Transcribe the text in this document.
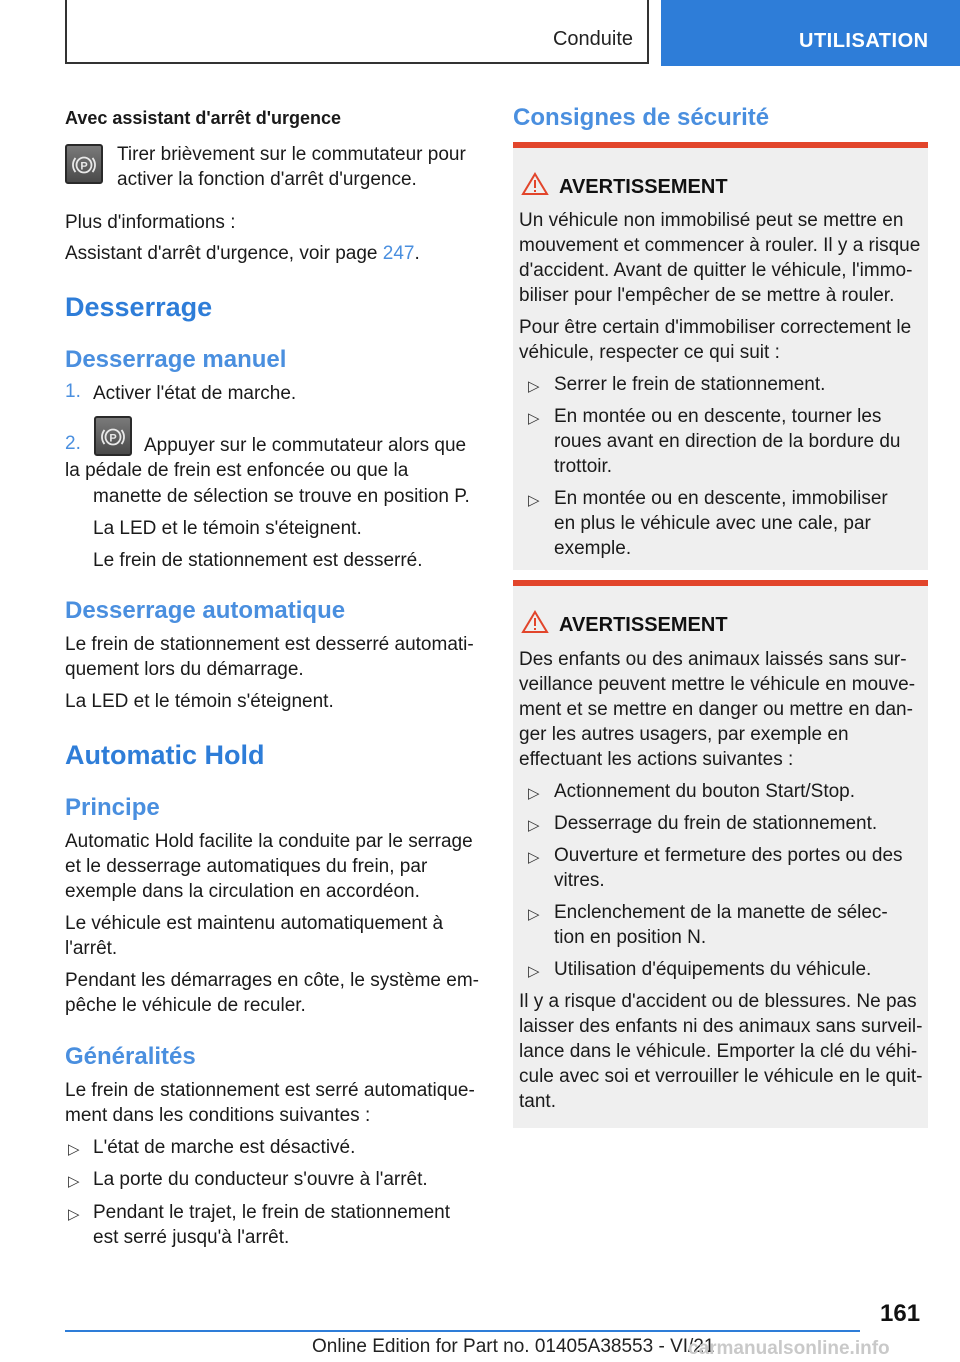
Conduite	UTILISATION
Avec assistant d'arrêt d'urgence
P
Tirer brièvement sur le commutateur pour
activer la fonction d'arrêt d'urgence.
Plus d'informations :
Assistant d'arrêt d'urgence, voir page 247.
Desserrage
Desserrage manuel
1. Activer l'état de marche.
2.	P Appuyer sur le commutateur alors que
la pédale de frein est enfoncée ou que la
manette de sélection se trouve en position P.
La LED et le témoin s'éteignent.
Le frein de stationnement est desserré.
Desserrage automatique
Le frein de stationnement est desserré automati‐
quement lors du démarrage.
La LED et le témoin s'éteignent.
Automatic Hold
Principe
Automatic Hold facilite la conduite par le serrage
et le desserrage automatiques du frein, par
exemple dans la circulation en accordéon.
Le véhicule est maintenu automatiquement à
l'arrêt.
Pendant les démarrages en côte, le système em‐
pêche le véhicule de reculer.
Généralités
Le frein de stationnement est serré automatique‐
ment dans les conditions suivantes :
▷ L'état de marche est désactivé.
▷ La porte du conducteur s'ouvre à l'arrêt.
▷ Pendant le trajet, le frein de stationnement
est serré jusqu'à l'arrêt.
Consignes de sécurité
AVERTISSEMENT
Un véhicule non immobilisé peut se mettre en
mouvement et commencer à rouler. Il y a risque
d'accident. Avant de quitter le véhicule, l'immo‐
biliser pour l'empêcher de se mettre à rouler.
Pour être certain d'immobiliser correctement le
véhicule, respecter ce qui suit :
▷ Serrer le frein de stationnement.
▷ En montée ou en descente, tourner les
roues avant en direction de la bordure du
trottoir.
▷ En montée ou en descente, immobiliser
en plus le véhicule avec une cale, par
exemple.
AVERTISSEMENT
Des enfants ou des animaux laissés sans sur‐
veillance peuvent mettre le véhicule en mouve‐
ment et se mettre en danger ou mettre en dan‐
ger les autres usagers, par exemple en
effectuant les actions suivantes :
▷ Actionnement du bouton Start/Stop.
▷ Desserrage du frein de stationnement.
▷ Ouverture et fermeture des portes ou des
vitres.
▷ Enclenchement de la manette de sélec‐
tion en position N.
▷ Utilisation d'équipements du véhicule.
Il y a risque d'accident ou de blessures. Ne pas
laisser des enfants ni des animaux sans surveil‐
lance dans le véhicule. Emporter la clé du véhi‐
cule avec soi et verrouiller le véhicule en le quit‐
tant.
161
Online Edition for Part no. 01405A38553 - VI/21
carmanualsonline.info
